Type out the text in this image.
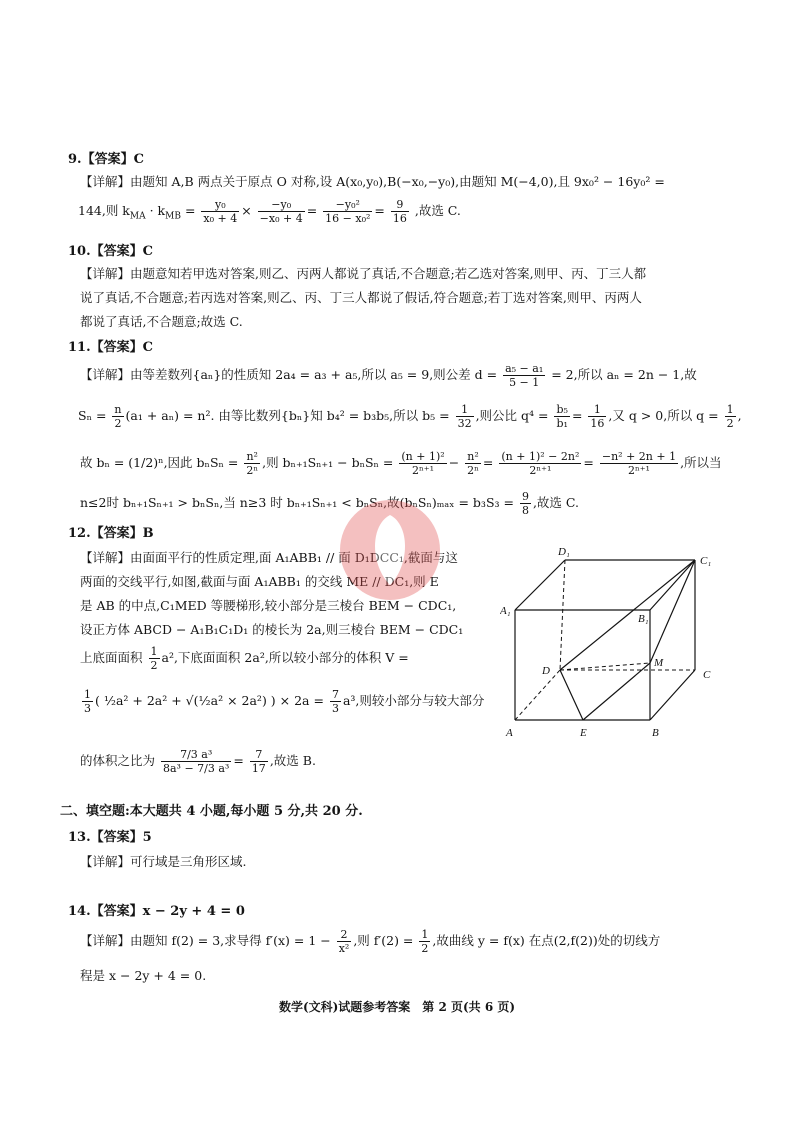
9.【答案】C
【详解】由题知 A,B 两点关于原点 O 对称,设 A(x₀,y₀),B(−x₀,−y₀),由题知 M(−4,0),且 9x₀² − 16y₀² =
144,则 $k_{MA} \cdot k_{MB} = \frac{\text{y₀}}{\text{x₀ + 4}} \times \frac{\text{−y₀}}{\text{−x₀ + 4}} = \frac{\text{−y₀²}}{\text{16 − x₀²}} = \frac{9}{16}$ ,故选 C.
10.【答案】C
【详解】由题意知若甲选对答案,则乙、丙两人都说了真话,不合题意;若乙选对答案,则甲、丙、丁三人都
说了真话,不合题意;若丙选对答案,则乙、丙、丁三人都说了假话,符合题意;若丁选对答案,则甲、丙两人
都说了真话,不合题意;故选 C.
11.【答案】C
【详解】由等差数列{aₙ}的性质知 2a₄ = a₃ + a₅,所以 a₅ = 9,则公差 $d = \frac{\text{a₅ − a₁}}{5 - 1} = 2$,所以 aₙ = 2n − 1,故
$S_n = \frac{n}{2} (a_1 + a_n) = n^2$. 由等比数列{bₙ}知 b₄² = b₃b₅,所以 $b_5 = \frac{1}{32}$ ,则公比 $q^4 = \frac{\text{b₅}}{\text{b₁}} = \frac{1}{16}$ ,又 q > 0,所以 $q = \frac{1}{2}$ ,
故 bₙ = (1/2)ⁿ,因此 $b_nS_n = \frac{\text{n²}}{\text{2ⁿ}}$ ,则 $b_{n+1}S_{n+1} - b_nS_n = \frac{\text{(n + 1)²}}{\text{2ⁿ⁺¹}} - \frac{\text{n²}}{\text{2ⁿ}} = \frac{\text{(n + 1)² − 2n²}}{\text{2ⁿ⁺¹}} = \frac{\text{−n² + 2n + 1}}{\text{2ⁿ⁺¹}}$ ,所以当
n≤2时 bₙ₊₁Sₙ₊₁ > bₙSₙ,当 n≥3 时 bₙ₊₁Sₙ₊₁ < bₙSₙ,故$(b_nS_n)_{max} = b_3S_3 = \frac{9}{8}$ ,故选 C.
12.【答案】B
【详解】由面面平行的性质定理,面 A₁ABB₁ // 面 D₁DCC₁,截面与这
两面的交线平行,如图,截面与面 A₁ABB₁ 的交线 ME // DC₁,则 E
是 AB 的中点,C₁MED 等腰梯形,较小部分是三棱台 BEM − CDC₁,
设正方体 ABCD − A₁B₁C₁D₁ 的棱长为 2a,则三棱台 BEM − CDC₁
上底面面积 $\frac{1}{2} a^2$,下底面面积 2a²,所以较小部分的体积 V =
$\frac{1}{3}$ ( ½a² + 2a² + √(½a² × 2a²) ) × $2a = \frac{7}{3} a^3$,则较小部分与较大部分
的体积之比为 $\frac{\text{7/3 a³}}{\text{8a³ − 7/3 a³}} = \frac{7}{17}$ ,故选 B.
D₁
C₁
A₁
B₁
D
M
C
A	E	B
二、填空题:本大题共 4 小题,每小题 5 分,共 20 分.
13.【答案】5
【详解】可行域是三角形区域.
14.【答案】x − 2y + 4 = 0
【详解】由题知 f(2) = 3,求导得 $f'(x) = 1 - \frac{2}{\text{x²}}$ ,则 $f'(2) = \frac{1}{2}$ ,故曲线 y = f(x) 在点(2,f(2))处的切线方
程是 x − 2y + 4 = 0.
数学(文科)试题参考答案　第 2 页(共 6 页)
